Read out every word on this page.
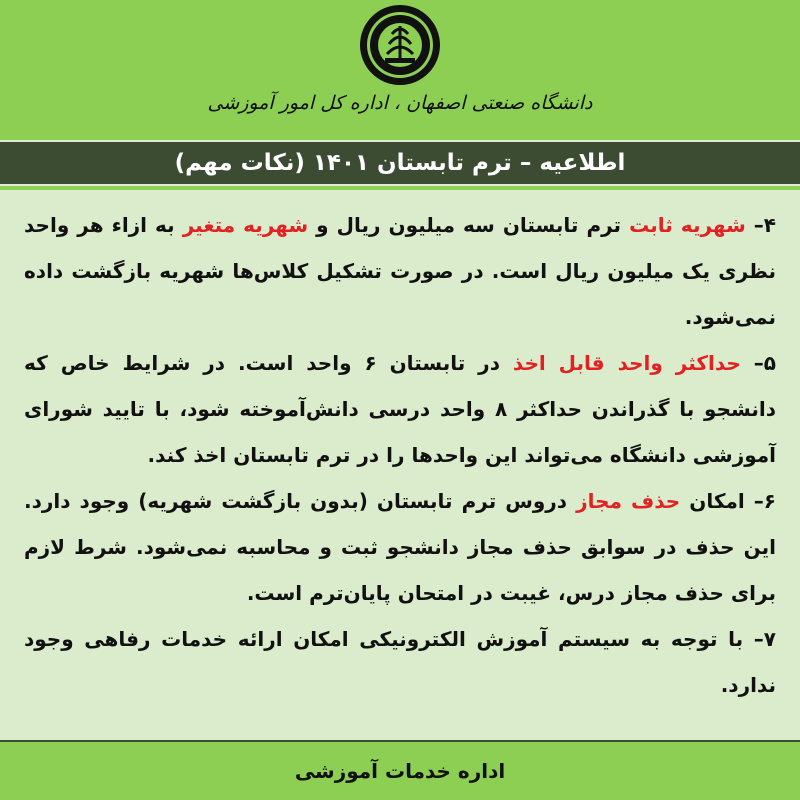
دانشگاه صنعتی اصفهان ، اداره کل امور آموزشی
اطلاعیه – ترم تابستان ۱۴۰۱ (نکات مهم)

۴– شهریه ثابت ترم تابستان سه میلیون ریال و شهریه متغیر به ازاء هر واحد نظری یک میلیون ریال است. در صورت تشکیل کلاس‌ها شهریه بازگشت داده نمی‌شود.

۵– حداکثر واحد قابل اخذ در تابستان ۶ واحد است. در شرایط خاص که دانشجو با گذراندن حداکثر ۸ واحد درسی دانش‌آموخته شود، با تایید شورای آموزشی دانشگاه می‌تواند این واحدها را در ترم تابستان اخذ کند.

۶– امکان حذف مجاز دروس ترم تابستان (بدون بازگشت شهریه) وجود دارد. این حذف در سوابق حذف مجاز دانشجو ثبت و محاسبه نمی‌شود. شرط لازم برای حذف مجاز درس، غیبت در امتحان پایان‌ترم است.

۷– با توجه به سیستم آموزش الکترونیکی امکان ارائه خدمات رفاهی وجود ندارد.

اداره خدمات آموزشی
